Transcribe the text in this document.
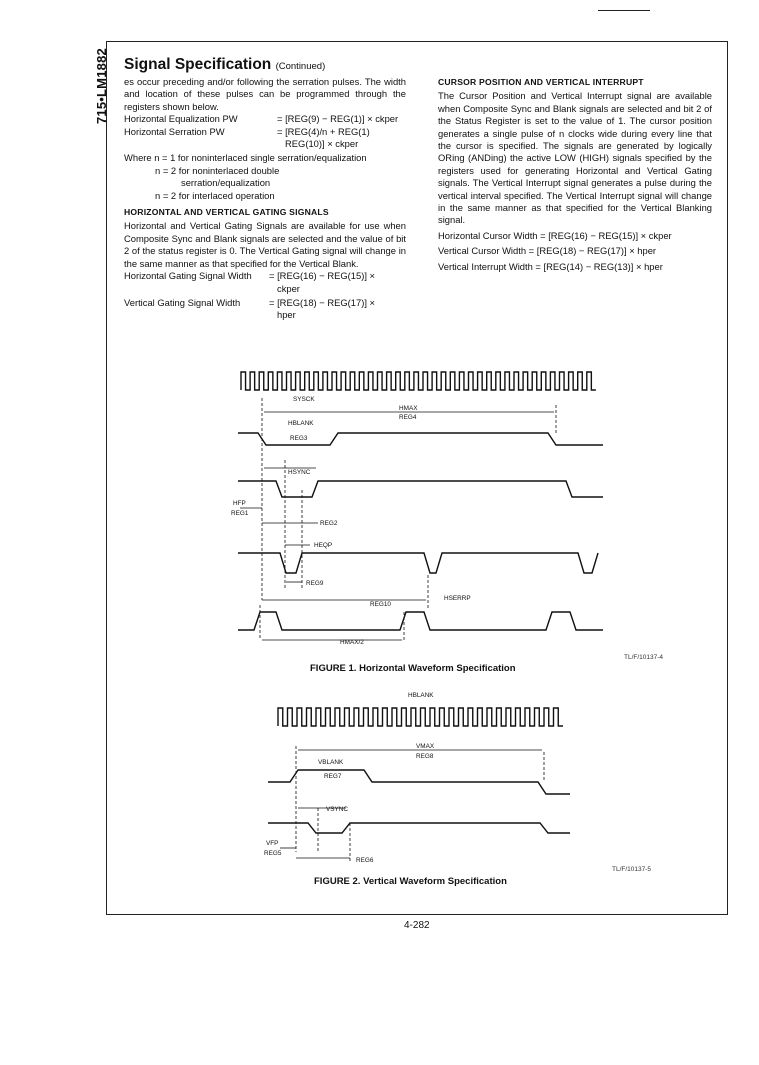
715•LM1882 Signal Specification (Continued)

es occur preceding and/or following the serration pulses. The width and location of these pulses can be programmed through the registers shown below.

Horizontal Equalization PW	= [REG(9) − REG(1)] × ckper
Horizontal Serration PW	= [REG(4)/n + REG(1)
REG(10)] × ckper

Where n = 1 for noninterlaced single serration/equalization

n = 2 for noninterlaced double

serration/equalization

n = 2 for interlaced operation

HORIZONTAL AND VERTICAL GATING SIGNALS

Horizontal and Vertical Gating Signals are available for use when Composite Sync and Blank signals are selected and the value of bit 2 of the status register is 0. The Vertical Gating signal will change in the same manner as that specified for the Vertical Blank.

Horizontal Gating Signal Width	= [REG(16) − REG(15)] ×
ckper
Vertical Gating Signal Width	= [REG(18) − REG(17)] ×
hper

CURSOR POSITION AND VERTICAL INTERRUPT

The Cursor Position and Vertical Interrupt signal are available when Composite Sync and Blank signals are selected and bit 2 of the Status Register is set to the value of 1. The cursor position generates a single pulse of n clocks wide during every line that the cursor is specified. The signals are generated by logically ORing (ANDing) the active LOW (HIGH) signals specified by the registers used for generating Horizontal and Vertical Gating signals. The Vertical Interrupt signal generates a pulse during the vertical interval specified. The Vertical Interrupt signal will change in the same manner as that specified for the Vertical Blanking signal.

Horizontal Cursor Width = [REG(16) − REG(15)] × ckper

Vertical Cursor Width = [REG(18) − REG(17)] × hper

Vertical Interrupt Width = [REG(14) − REG(13)] × hper

SYSCK
HMAX
REG4
HBLANK
REG3
HSYNC
HFP
REG1
REG2
HEQP
REG9
REG10
HSERRP
HMAX/2
HBLANK
VMAX
REG8
VBLANK
REG7
VSYNC
VFP
REG5
REG6
FIGURE 1. Horizontal Waveform Specification
TL/F/10137-4
FIGURE 2. Vertical Waveform Specification
TL/F/10137-5
4-282
